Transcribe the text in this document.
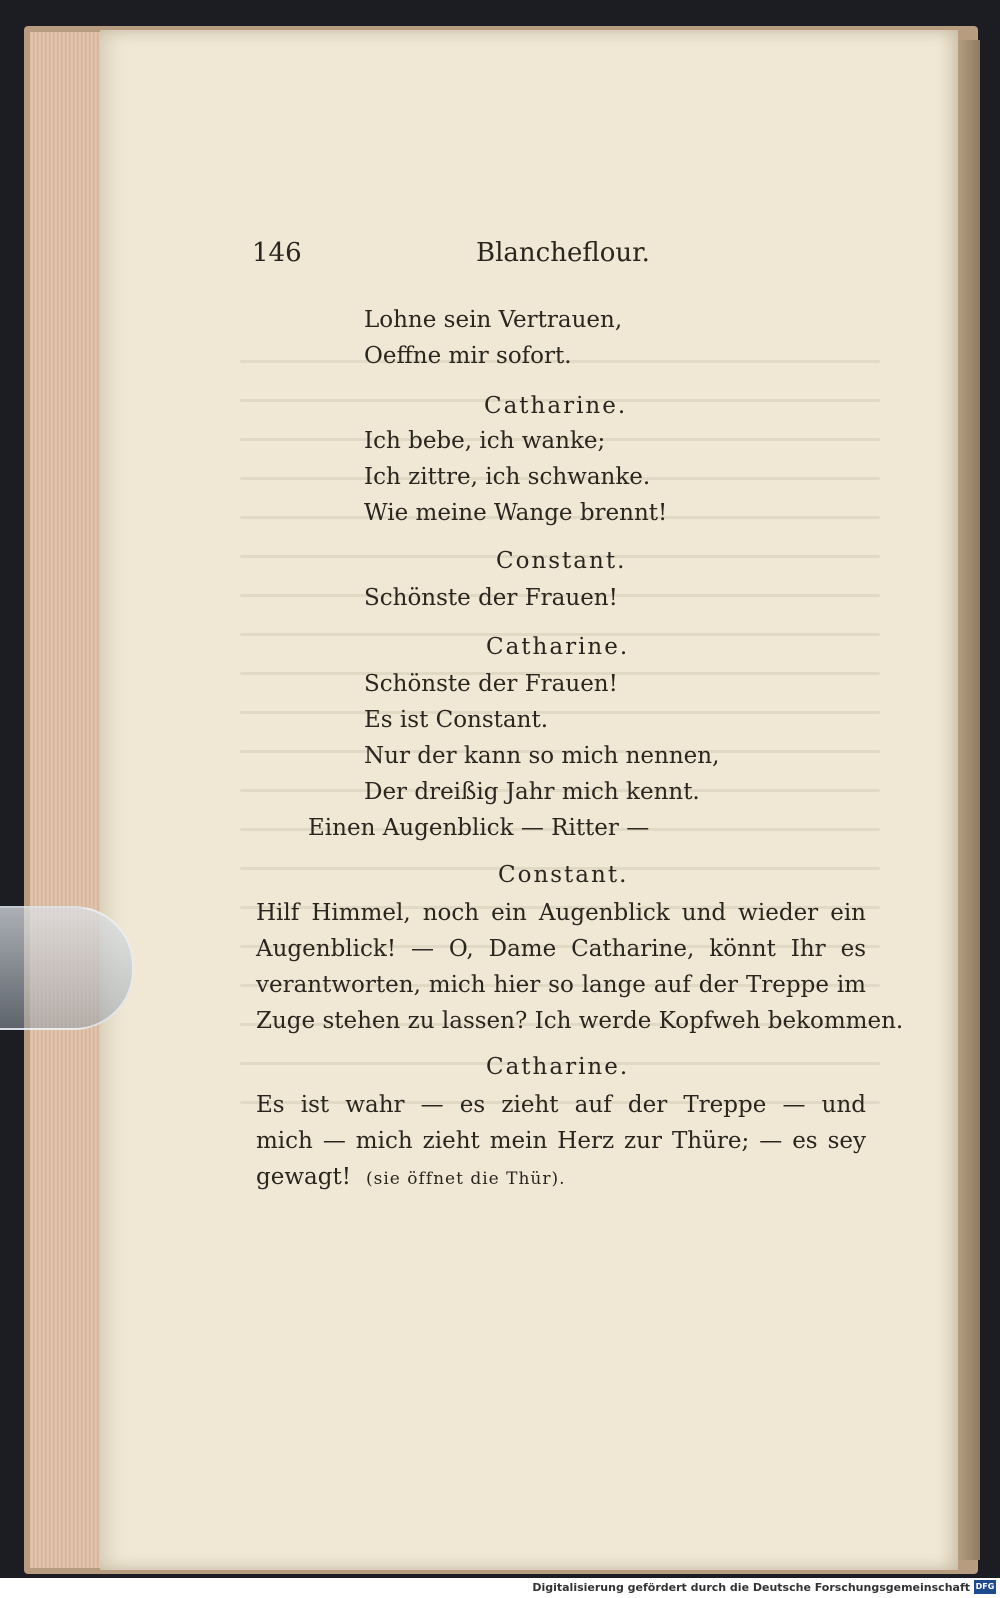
146	Blancheflour.
Lohne sein Vertrauen,
Oeffne mir sofort.
Catharine.
Ich bebe, ich wanke;
Ich zittre, ich schwanke.
Wie meine Wange brennt!
Constant.
Schönste der Frauen!
Catharine.
Schönste der Frauen!
Es ist Constant.
Nur der kann so mich nennen,
Der dreißig Jahr mich kennt.
Einen Augenblick — Ritter —
Constant.
Hilf Himmel, noch ein Augenblick und wieder ein
Augenblick! — O, Dame Catharine, könnt Ihr es
verantworten, mich hier so lange auf der Treppe im
Zuge stehen zu lassen? Ich werde Kopfweh bekommen.
Catharine.
Es ist wahr — es zieht auf der Treppe — und
mich — mich zieht mein Herz zur Thüre; — es sey
gewagt! (sie öffnet die Thür).
Digitalisierung gefördert durch die Deutsche Forschungsgemeinschaft DFG
